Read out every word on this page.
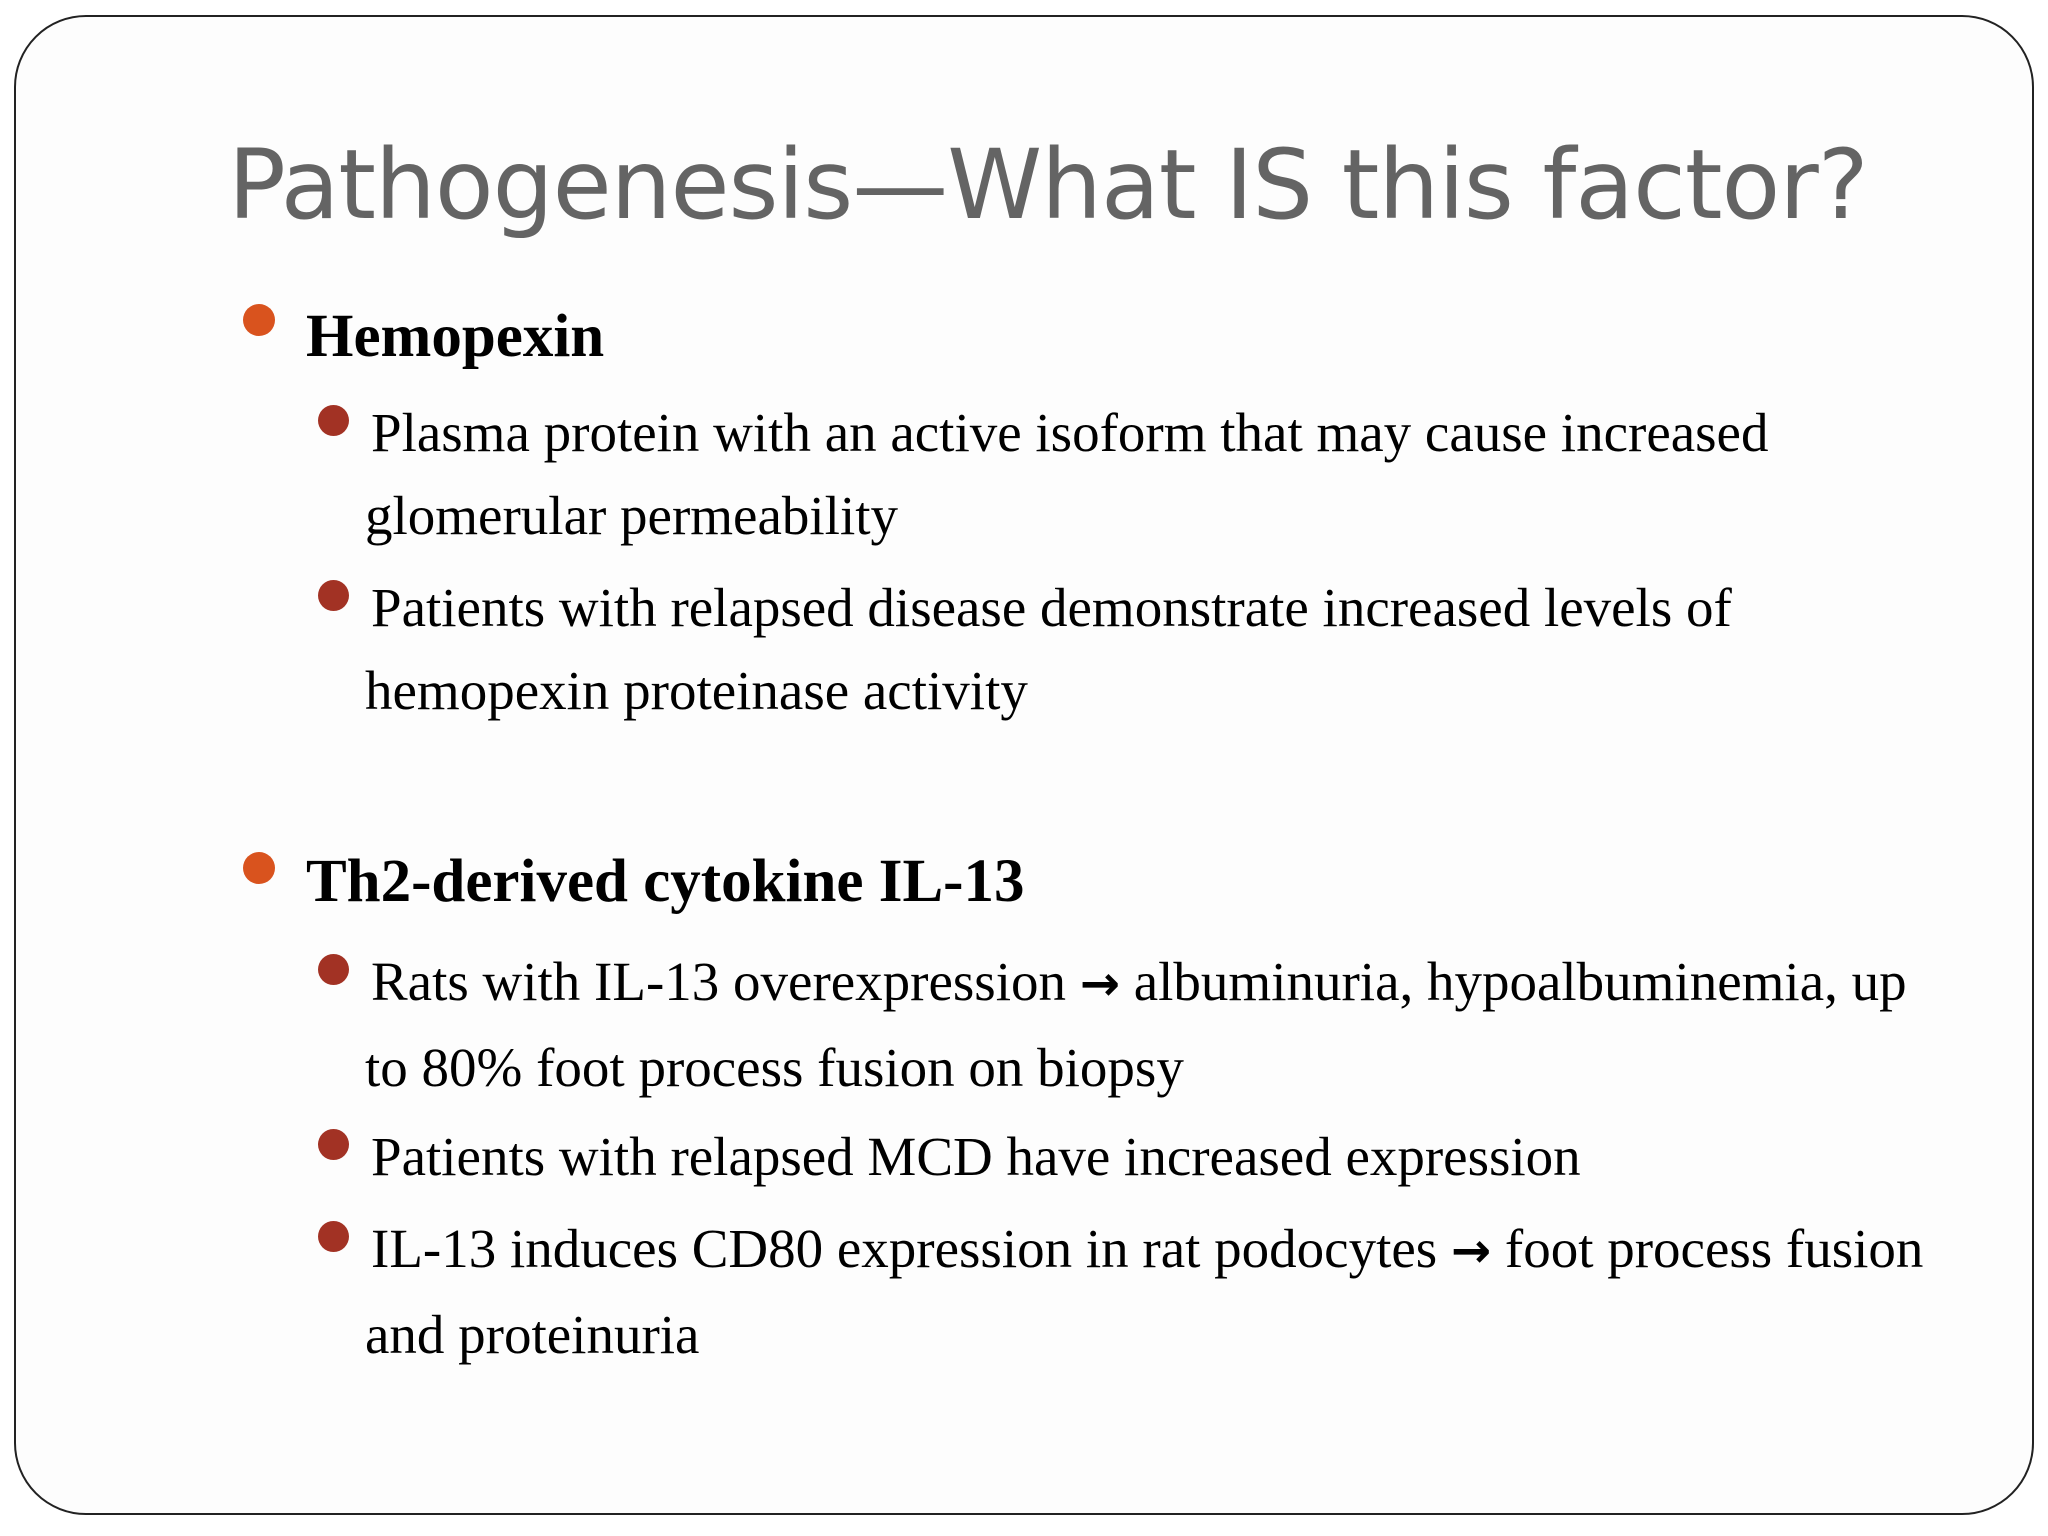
Pathogenesis—What IS this factor?

Hemopexin

Plasma protein with an active isoform that may cause increased glomerular permeability

Patients with relapsed disease demonstrate increased levels of hemopexin proteinase activity

Th2-derived cytokine IL-13

Rats with IL-13 overexpression → albuminuria, hypoalbuminemia, up to 80% foot process fusion on biopsy

Patients with relapsed MCD have increased expression

IL-13 induces CD80 expression in rat podocytes → foot process fusion and proteinuria
